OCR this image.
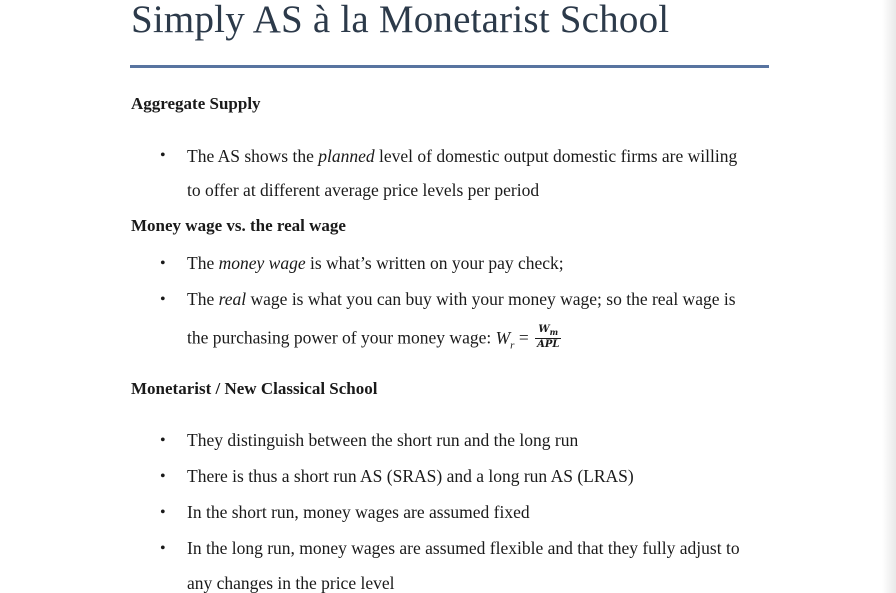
Simply AS à la Monetarist School
Aggregate Supply
• The AS shows the planned level of domestic output domestic firms are willing
to offer at different average price levels per period
Money wage vs. the real wage
• The money wage is what’s written on your pay check;
• The real wage is what you can buy with your money wage; so the real wage is
the purchasing power of your money wage: $W_r = \frac{W_m}{\text{APL}}$
Monetarist / New Classical School
• They distinguish between the short run and the long run
• There is thus a short run AS (SRAS) and a long run AS (LRAS)
• In the short run, money wages are assumed fixed
• In the long run, money wages are assumed flexible and that they fully adjust to
any changes in the price level
